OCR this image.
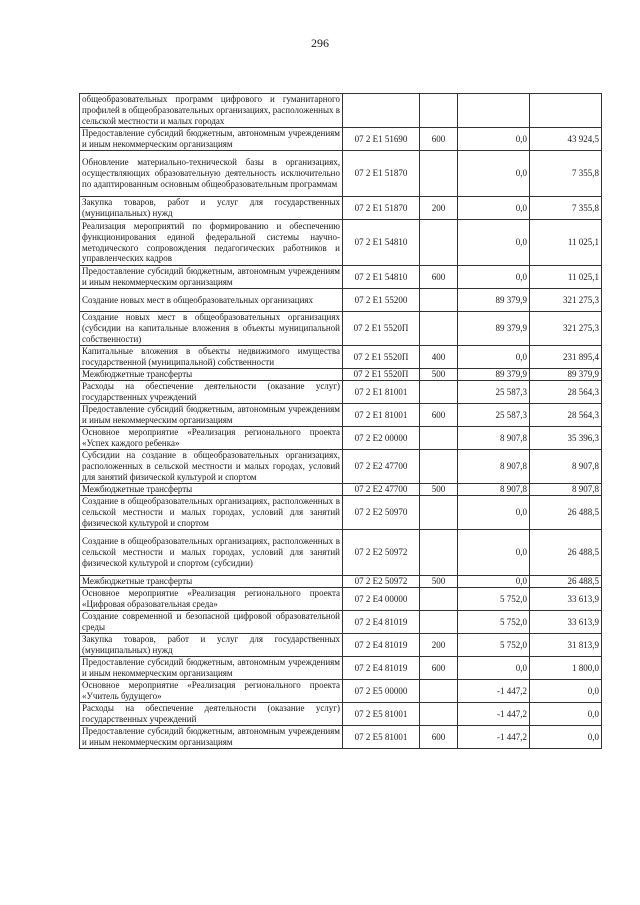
296
общеобразовательных программ цифрового и гуманитарного профилей в общеобразовательных организациях, расположенных в сельской местности и малых городах				
Предоставление субсидий бюджетным, автономным учреждениям и иным некоммерческим организациям	07 2 E1 51690	600	0,0	43 924,5
Обновление материально-технической базы в организациях, осуществляющих образовательную деятельность исключительно по адаптированным основным общеобразовательным программам	07 2 E1 51870		0,0	7 355,8
Закупка товаров, работ и услуг для государственных (муниципальных) нужд	07 2 E1 51870	200	0,0	7 355,8
Реализация мероприятий по формированию и обеспечению функционирования единой федеральной системы научно-методического сопровождения педагогических работников и управленческих кадров	07 2 E1 54810		0,0	11 025,1
Предоставление субсидий бюджетным, автономным учреждениям и иным некоммерческим организациям	07 2 E1 54810	600	0,0	11 025,1
Создание новых мест в общеобразовательных организациях	07 2 E1 55200		89 379,9	321 275,3
Создание новых мест в общеобразовательных организациях (субсидии на капитальные вложения в объекты муниципальной собственности)	07 2 E1 5520П		89 379,9	321 275,3
Капитальные вложения в объекты недвижимого имущества государственной (муниципальной) собственности	07 2 E1 5520П	400	0,0	231 895,4
Межбюджетные трансферты	07 2 E1 5520П	500	89 379,9	89 379,9
Расходы на обеспечение деятельности (оказание услуг) государственных учреждений	07 2 E1 81001		25 587,3	28 564,3
Предоставление субсидий бюджетным, автономным учреждениям и иным некоммерческим организациям	07 2 E1 81001	600	25 587,3	28 564,3
Основное мероприятие «Реализация регионального проекта «Успех каждого ребенка»	07 2 E2 00000		8 907,8	35 396,3
Субсидии на создание в общеобразовательных организациях, расположенных в сельской местности и малых городах, условий для занятий физической культурой и спортом	07 2 E2 47700		8 907,8	8 907,8
Межбюджетные трансферты	07 2 E2 47700	500	8 907,8	8 907,8
Создание в общеобразовательных организациях, расположенных в сельской местности и малых городах, условий для занятий физической культурой и спортом	07 2 E2 50970		0,0	26 488,5
Создание в общеобразовательных организациях, расположенных в сельской местности и малых городах, условий для занятий физической культурой и спортом (субсидии)	07 2 E2 50972		0,0	26 488,5
Межбюджетные трансферты	07 2 E2 50972	500	0,0	26 488,5
Основное мероприятие «Реализация регионального проекта «Цифровая образовательная среда»	07 2 E4 00000		5 752,0	33 613,9
Создание современной и безопасной цифровой образовательной среды	07 2 E4 81019		5 752,0	33 613,9
Закупка товаров, работ и услуг для государственных (муниципальных) нужд	07 2 E4 81019	200	5 752,0	31 813,9
Предоставление субсидий бюджетным, автономным учреждениям и иным некоммерческим организациям	07 2 E4 81019	600	0,0	1 800,0
Основное мероприятие «Реализация регионального проекта «Учитель будущего»	07 2 E5 00000		-1 447,2	0,0
Расходы на обеспечение деятельности (оказание услуг) государственных учреждений	07 2 E5 81001		-1 447,2	0,0
Предоставление субсидий бюджетным, автономным учреждениям и иным некоммерческим организациям	07 2 E5 81001	600	-1 447,2	0,0
